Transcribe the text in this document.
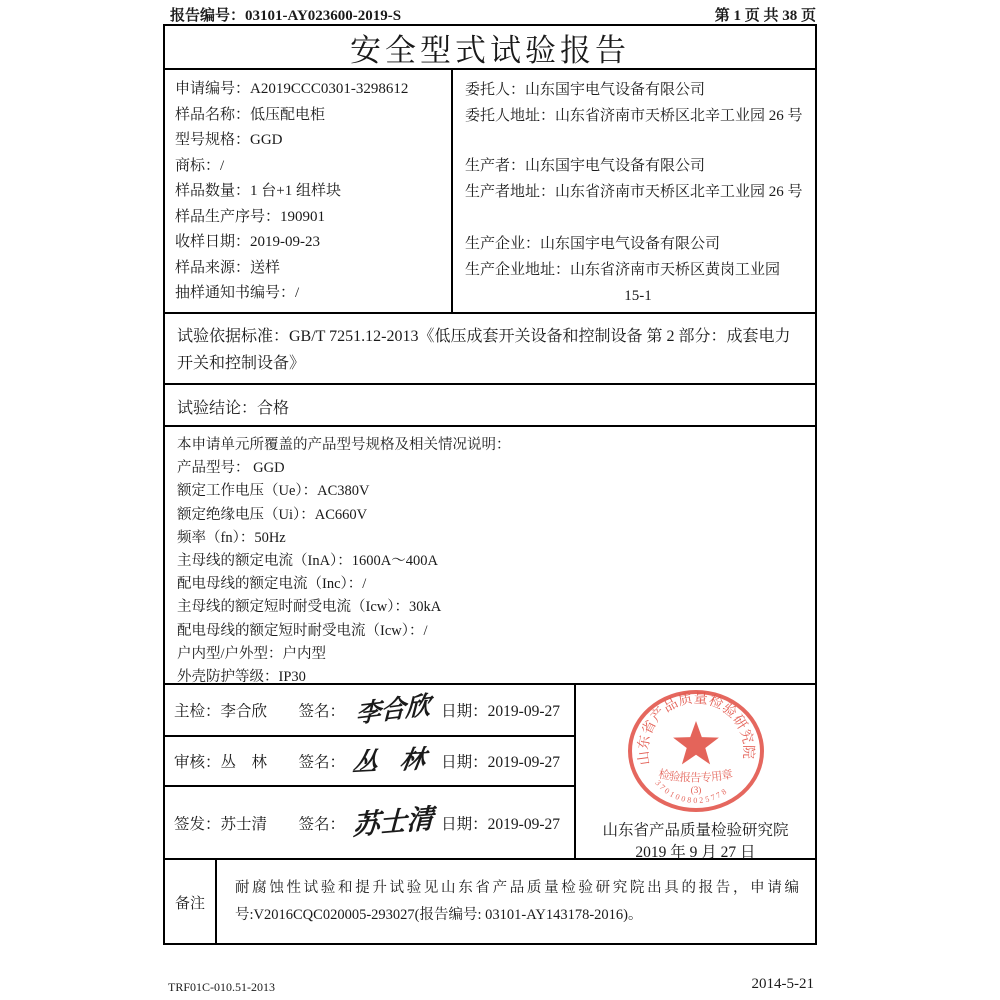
报告编号：03101-AY023600-2019-S	第 1 页 共 38 页
安全型式试验报告
申请编号：A2019CCC0301-3298612
样品名称：低压配电柜
型号规格：GGD
商标：/
样品数量：1 台+1 组样块
样品生产序号：190901
收样日期：2019-09-23
样品来源：送样
抽样通知书编号：/
委托人：山东国宇电气设备有限公司
委托人地址：山东省济南市天桥区北辛工业园 26 号
生产者：山东国宇电气设备有限公司
生产者地址：山东省济南市天桥区北辛工业园 26 号
生产企业：山东国宇电气设备有限公司
生产企业地址：山东省济南市天桥区黄岗工业园
15-1
试验依据标准：GB/T 7251.12-2013《低压成套开关设备和控制设备 第 2 部分：成套电力开关和控制设备》
试验结论：合格
本申请单元所覆盖的产品型号规格及相关情况说明：
产品型号： GGD
额定工作电压（Ue）：AC380V
额定绝缘电压（Ui）：AC660V
频率（fn）：50Hz
主母线的额定电流（InA）：1600A～400A
配电母线的额定电流（Inc）：/
主母线的额定短时耐受电流（Icw）：30kA
配电母线的额定短时耐受电流（Icw）：/
户内型/户外型：户内型
外壳防护等级：IP30
主检： 李合欣	签名： 李合欣 日期：2019-09-27
审核： 丛　林	签名： 丛 林 日期：2019-09-27
签发： 苏士清	签名： 苏士清 日期：2019-09-27
山东省产品质量检验研究院
检验报告专用章
(3)
3701008025778
山东省产品质量检验研究院
2019 年 9 月 27 日
备注
耐腐蚀性试验和提升试验见山东省产品质量检验研究院出具的报告，申请编号:V2016CQC020005-293027(报告编号: 03101-AY143178-2016)。
TRF01C-010.51-2013	2014-5-21
